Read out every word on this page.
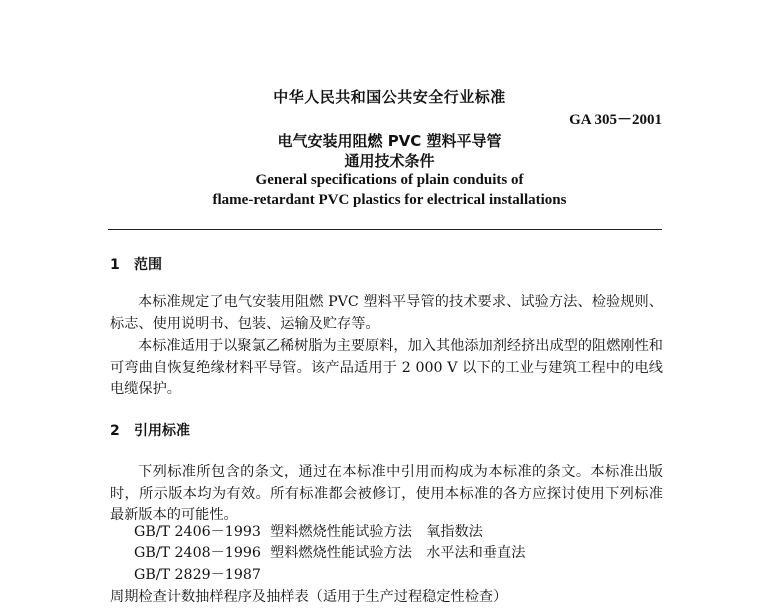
中华人民共和国公共安全行业标准
GA 305－2001
电气安装用阻燃 PVC 塑料平导管
通用技术条件
General specifications of plain conduits of
flame-retardant PVC plastics for electrical installations
1 范围
本标准规定了电气安装用阻燃 PVC 塑料平导管的技术要求、试验方法、检验规则、标志、使用说明书、包装、运输及贮存等。
本标准适用于以聚氯乙稀树脂为主要原料，加入其他添加剂经挤出成型的阻燃刚性和可弯曲自恢复绝缘材料平导管。该产品适用于 2 000 V 以下的工业与建筑工程中的电线电缆保护。
2 引用标准
下列标准所包含的条文，通过在本标准中引用而构成为本标准的条文。本标准出版时，所示版本均为有效。所有标准都会被修订，使用本标准的各方应探讨使用下列标准最新版本的可能性。
GB/T 2406－1993 塑料燃烧性能试验方法　氧指数法
GB/T 2408－1996 塑料燃烧性能试验方法　水平法和垂直法
GB/T 2829－1987周期检查计数抽样程序及抽样表（适用于生产过程稳定性检查）
